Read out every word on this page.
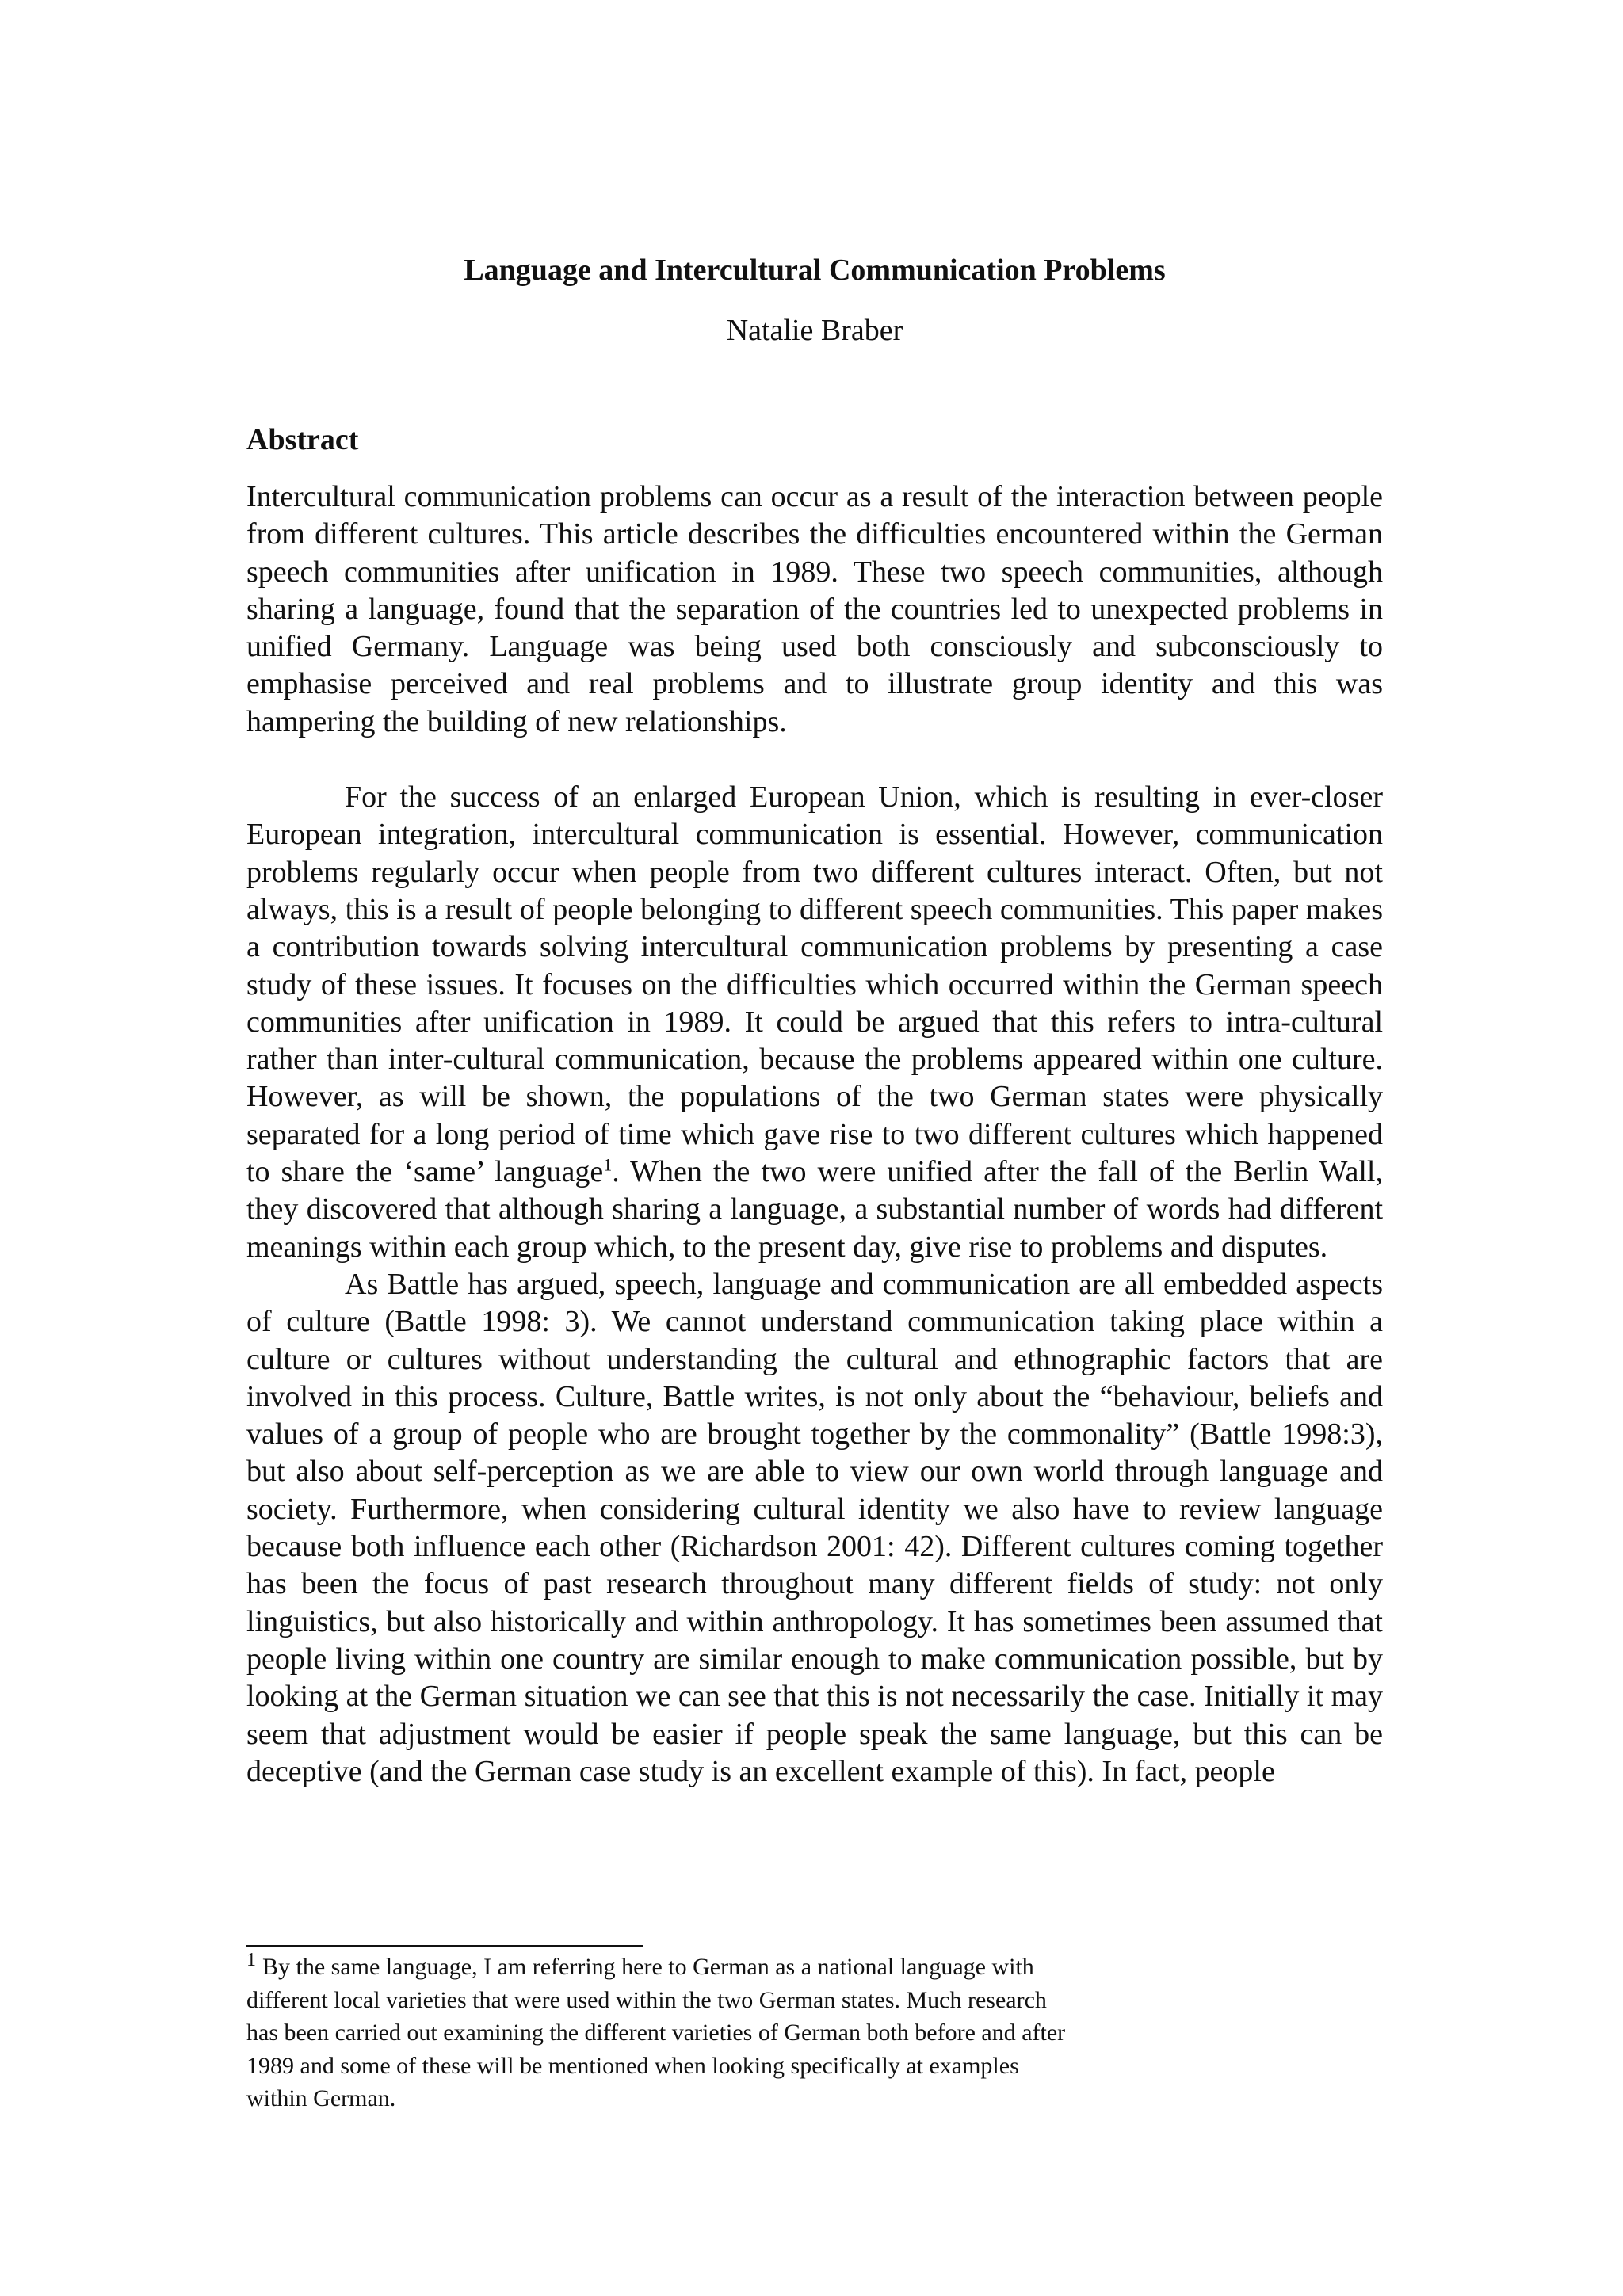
Language and Intercultural Communication Problems

Natalie Braber

Abstract

Intercultural communication problems can occur as a result of the interaction between people from different cultures. This article describes the difficulties encountered within the German speech communities after unification in 1989. These two speech communities, although sharing a language, found that the separation of the countries led to unexpected problems in unified Germany. Language was being used both consciously and subconsciously to emphasise perceived and real problems and to illustrate group identity and this was hampering the building of new relationships.

For the success of an enlarged European Union, which is resulting in ever-closer European integration, intercultural communication is essential. However, communication problems regularly occur when people from two different cultures interact. Often, but not always, this is a result of people belonging to different speech communities. This paper makes a contribution towards solving intercultural communication problems by presenting a case study of these issues. It focuses on the difficulties which occurred within the German speech communities after unification in 1989. It could be argued that this refers to intra-cultural rather than inter-cultural communication, because the problems appeared within one culture. However, as will be shown, the populations of the two German states were physically separated for a long period of time which gave rise to two different cultures which happened to share the ‘same’ language$^1$. When the two were unified after the fall of the Berlin Wall, they discovered that although sharing a language, a substantial number of words had different meanings within each group which, to the present day, give rise to problems and disputes.

As Battle has argued, speech, language and communication are all embedded aspects of culture (Battle 1998: 3). We cannot understand communication taking place within a culture or cultures without understanding the cultural and ethnographic factors that are involved in this process. Culture, Battle writes, is not only about the “behaviour, beliefs and values of a group of people who are brought together by the commonality” (Battle 1998:3), but also about self-perception as we are able to view our own world through language and society. Furthermore, when considering cultural identity we also have to review language because both influence each other (Richardson 2001: 42). Different cultures coming together has been the focus of past research throughout many different fields of study: not only linguistics, but also historically and within anthropology. It has sometimes been assumed that people living within one country are similar enough to make communication possible, but by looking at the German situation we can see that this is not necessarily the case. Initially it may seem that adjustment would be easier if people speak the same language, but this can be deceptive (and the German case study is an excellent example of this). In fact, people

$^1$ By the same language, I am referring here to German as a national language with
different local varieties that were used within the two German states. Much research
has been carried out examining the different varieties of German both before and after
1989 and some of these will be mentioned when looking specifically at examples
within German.
